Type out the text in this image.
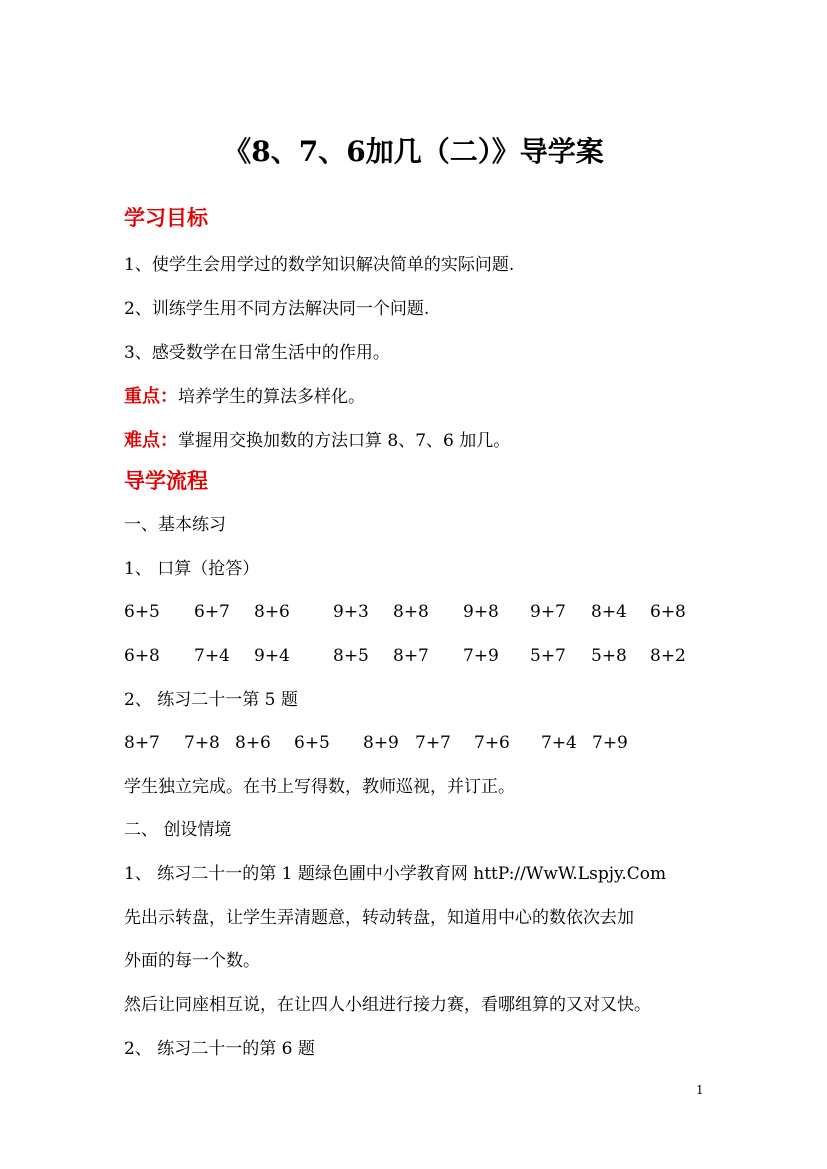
《8、7、6加几（二）》导学案
学习目标
1、使学生会用学过的数学知识解决简单的实际问题.
2、训练学生用不同方法解决同一个问题.
3、感受数学在日常生活中的作用。
重点：培养学生的算法多样化。
难点：掌握用交换加数的方法口算 8、7、6 加几。
导学流程
一、基本练习
1、 口算（抢答）
6+5 6+7 8+6	9+3 8+8 9+8 9+7 8+4 6+8
6+8 7+4 9+4	8+5 8+7 7+9 5+7 5+8 8+2
2、 练习二十一第 5 题
8+7 7+8 8+6 6+5 8+9 7+7 7+6 7+4 7+9
学生独立完成。在书上写得数，教师巡视，并订正。
二、 创设情境
1、 练习二十一的第 1 题绿色圃中小学教育网 httP://WwW.Lspjy.Com
先出示转盘，让学生弄清题意，转动转盘，知道用中心的数依次去加
外面的每一个数。
然后让同座相互说，在让四人小组进行接力赛，看哪组算的又对又快。
2、 练习二十一的第 6 题
1
